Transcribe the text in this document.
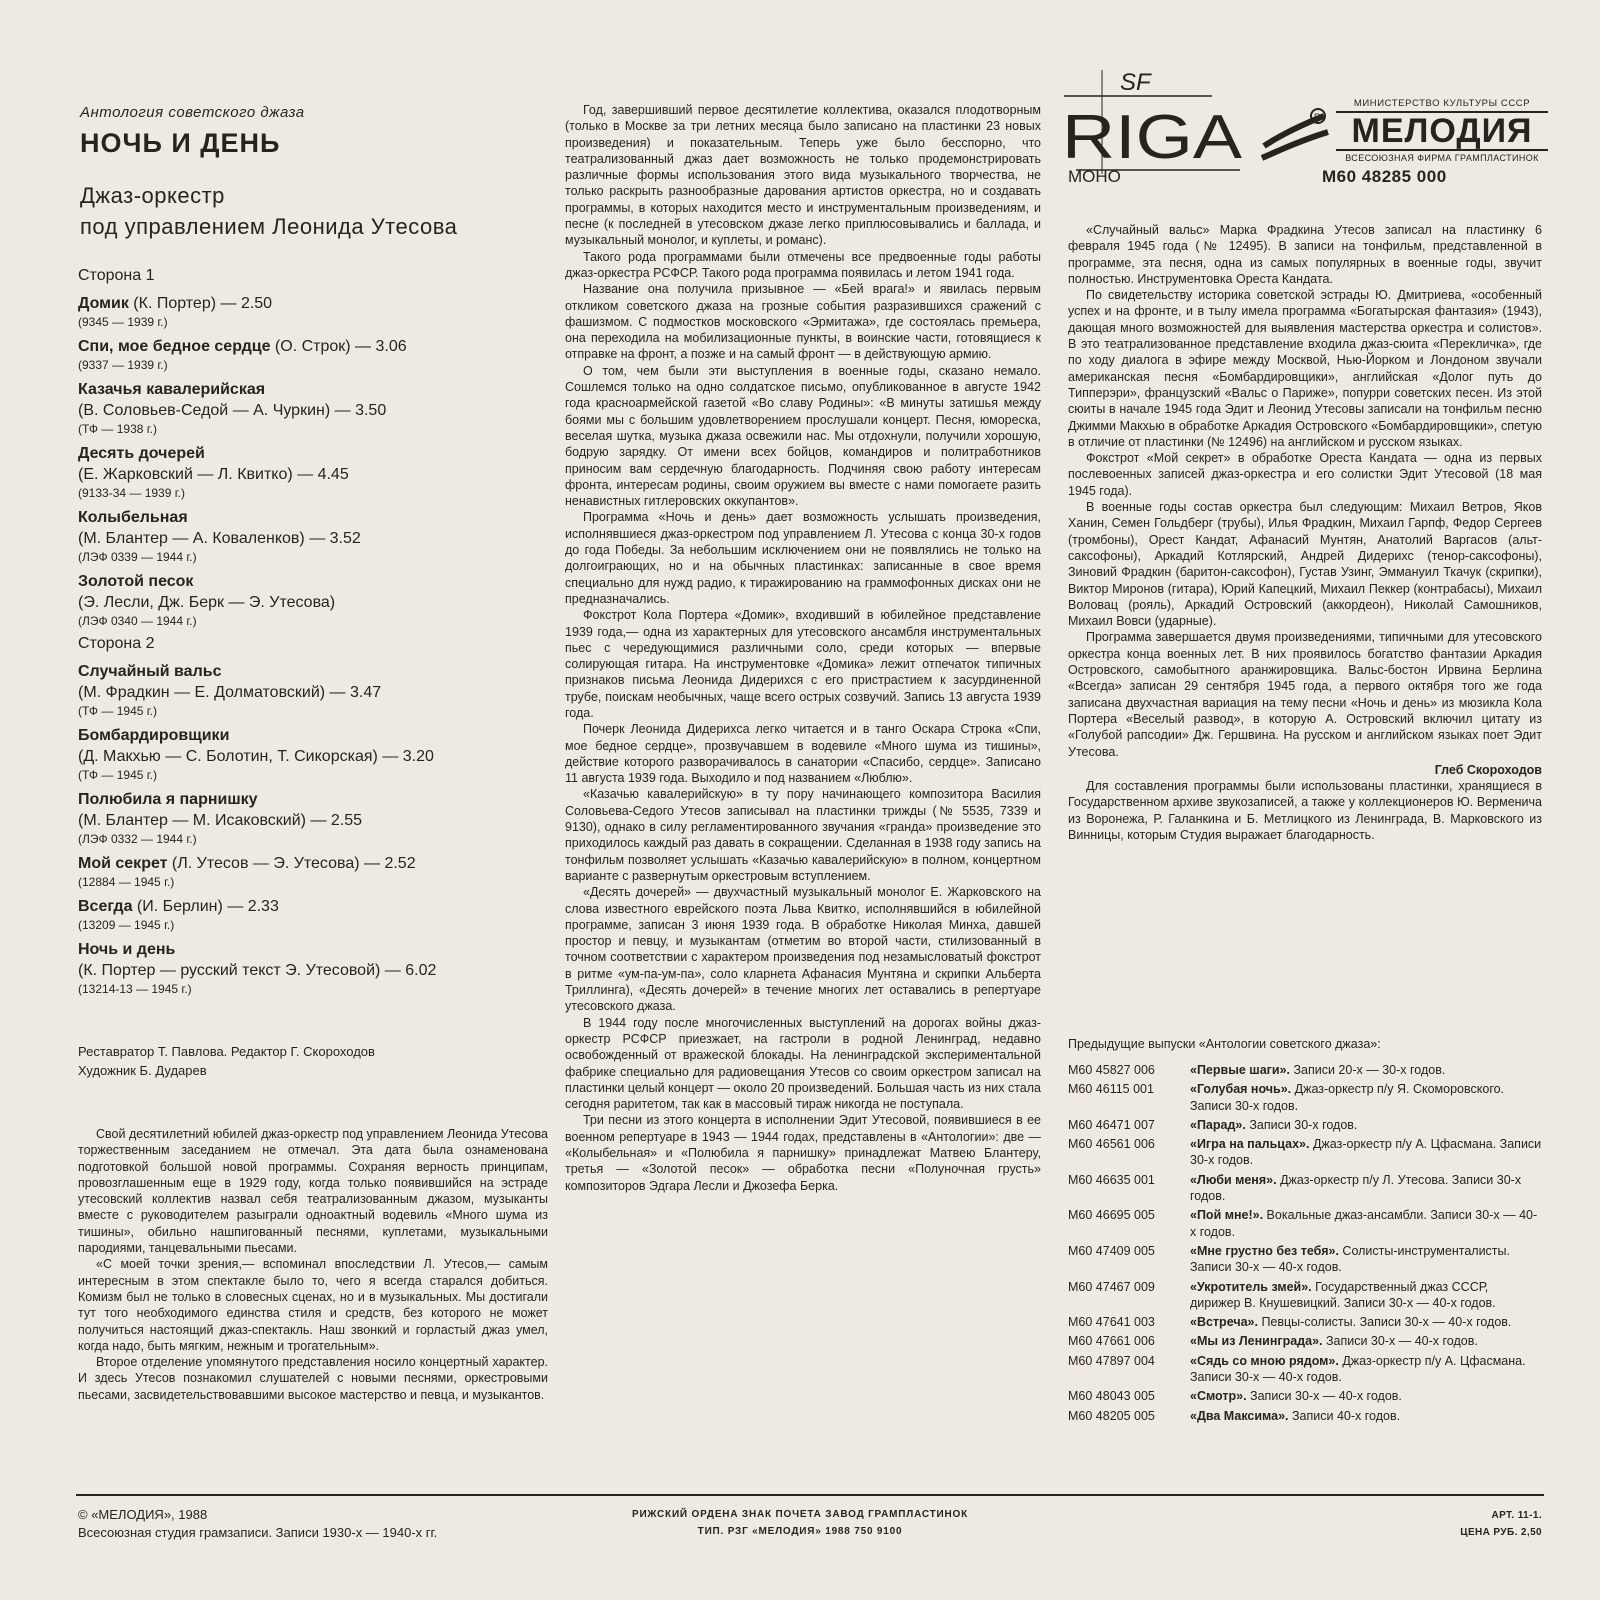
Антология советского джаза
НОЧЬ И ДЕНЬ
Джаз-оркестр
под управлением Леонида Утесова
Сторона 1
Домик (К. Портер) — 2.50
(9345 — 1939 г.)
Спи, мое бедное сердце (О. Строк) — 3.06
(9337 — 1939 г.)
Казачья кавалерийская
(В. Соловьев-Седой — А. Чуркин) — 3.50
(ТФ — 1938 г.)
Десять дочерей
(Е. Жарковский — Л. Квитко) — 4.45
(9133-34 — 1939 г.)
Колыбельная
(М. Блантер — А. Коваленков) — 3.52
(ЛЭФ 0339 — 1944 г.)
Золотой песок
(Э. Лесли, Дж. Берк — Э. Утесова)
(ЛЭФ 0340 — 1944 г.)
Сторона 2
Случайный вальс
(М. Фрадкин — Е. Долматовский) — 3.47
(ТФ — 1945 г.)
Бомбардировщики
(Д. Макхью — С. Болотин, Т. Сикорская) — 3.20
(ТФ — 1945 г.)
Полюбила я парнишку
(М. Блантер — М. Исаковский) — 2.55
(ЛЭФ 0332 — 1944 г.)
Мой секрет (Л. Утесов — Э. Утесова) — 2.52
(12884 — 1945 г.)
Всегда (И. Берлин) — 2.33
(13209 — 1945 г.)
Ночь и день
(К. Портер — русский текст Э. Утесовой) — 6.02
(13214-13 — 1945 г.)
Реставратор Т. Павлова. Редактор Г. Скороходов
Художник Б. Дударев

Свой десятилетний юбилей джаз-оркестр под управлением Леонида Утесова торжественным заседанием не отмечал. Эта дата была ознаменована подготовкой большой новой программы. Сохраняя верность принципам, провозглашенным еще в 1929 году, когда только появившийся на эстраде утесовский коллектив назвал себя театрализованным джазом, музыканты вместе с руководителем разыграли одноактный водевиль «Много шума из тишины», обильно нашпигованный песнями, куплетами, музыкальными пародиями, танцевальными пьесами.

«С моей точки зрения,— вспоминал впоследствии Л. Утесов,— самым интересным в этом спектакле было то, чего я всегда старался добиться. Комизм был не только в словесных сценах, но и в музыкальных. Мы достигали тут того необходимого единства стиля и средств, без которого не может получиться настоящий джаз-спектакль. Наш звонкий и горластый джаз умел, когда надо, быть мягким, нежным и трогательным».

Второе отделение упомянутого представления носило концертный характер. И здесь Утесов познакомил слушателей с новыми песнями, оркестровыми пьесами, засвидетельствовавшими высокое мастерство и певца, и музыкантов.

Год, завершивший первое десятилетие коллектива, оказался плодотворным (только в Москве за три летних месяца было записано на пластинки 23 новых произведения) и показательным. Теперь уже было бесспорно, что театрализованный джаз дает возможность не только продемонстрировать различные формы использования этого вида музыкального творчества, не только раскрыть разнообразные дарования артистов оркестра, но и создавать программы, в которых находится место и инструментальным произведениям, и песне (к последней в утесовском джазе легко приплюсовывались и баллада, и музыкальный монолог, и куплеты, и романс).

Такого рода программами были отмечены все предвоенные годы работы джаз-оркестра РСФСР. Такого рода программа появилась и летом 1941 года.

Название она получила призывное — «Бей врага!» и явилась первым откликом советского джаза на грозные события разразившихся сражений с фашизмом. С подмостков московского «Эрмитажа», где состоялась премьера, она переходила на мобилизационные пункты, в воинские части, готовящиеся к отправке на фронт, а позже и на самый фронт — в действующую армию.

О том, чем были эти выступления в военные годы, сказано немало. Сошлемся только на одно солдатское письмо, опубликованное в августе 1942 года красноармейской газетой «Во славу Родины»: «В минуты затишья между боями мы с большим удовлетворением прослушали концерт. Песня, юмореска, веселая шутка, музыка джаза освежили нас. Мы отдохнули, получили хорошую, бодрую зарядку. От имени всех бойцов, командиров и политработников приносим вам сердечную благодарность. Подчиняя свою работу интересам фронта, интересам родины, своим оружием вы вместе с нами помогаете разить ненавистных гитлеровских оккупантов».

Программа «Ночь и день» дает возможность услышать произведения, исполнявшиеся джаз-оркестром под управлением Л. Утесова с конца 30-х годов до года Победы. За небольшим исключением они не появлялись не только на долгоиграющих, но и на обычных пластинках: записанные в свое время специально для нужд радио, к тиражированию на граммофонных дисках они не предназначались.

Фокстрот Кола Портера «Домик», входивший в юбилейное представление 1939 года,— одна из характерных для утесовского ансамбля инструментальных пьес с чередующимися различными соло, среди которых — впервые солирующая гитара. На инструментовке «Домика» лежит отпечаток типичных признаков письма Леонида Дидерихся с его пристрастием к засурдиненной трубе, поискам необычных, чаще всего острых созвучий. Запись 13 августа 1939 года.

Почерк Леонида Дидерихса легко читается и в танго Оскара Строка «Спи, мое бедное сердце», прозвучавшем в водевиле «Много шума из тишины», действие которого разворачивалось в санатории «Спасибо, сердце». Записано 11 августа 1939 года. Выходило и под названием «Люблю».

«Казачью кавалерийскую» в ту пору начинающего композитора Василия Соловьева-Седого Утесов записывал на пластинки трижды (№ 5535, 7339 и 9130), однако в силу регламентированного звучания «гранда» произведение это приходилось каждый раз давать в сокращении. Сделанная в 1938 году запись на тонфильм позволяет услышать «Казачью кавалерийскую» в полном, концертном варианте с развернутым оркестровым вступлением.

«Десять дочерей» — двухчастный музыкальный монолог Е. Жарковского на слова известного еврейского поэта Льва Квитко, исполнявшийся в юбилейной программе, записан 3 июня 1939 года. В обработке Николая Минха, давшей простор и певцу, и музыкантам (отметим во второй части, стилизованный в точном соответствии с характером произведения под незамысловатый фокстрот в ритме «ум-па-ум-па», соло кларнета Афанасия Мунтяна и скрипки Альберта Триллинга), «Десять дочерей» в течение многих лет оставались в репертуаре утесовского джаза.

В 1944 году после многочисленных выступлений на дорогах войны джаз-оркестр РСФСР приезжает, на гастроли в родной Ленинград, недавно освобожденный от вражеской блокады. На ленинградской экспериментальной фабрике специально для радиовещания Утесов со своим оркестром записал на пластинки целый концерт — около 20 произведений. Большая часть из них стала сегодня раритетом, так как в массовый тираж никогда не поступала.

Три песни из этого концерта в исполнении Эдит Утесовой, появившиеся в ее военном репертуаре в 1943 — 1944 годах, представлены в «Антологии»: две — «Колыбельная» и «Полюбила я парнишку» принадлежат Матвею Блантеру, третья — «Золотой песок» — обработка песни «Полуночная грусть» композиторов Эдгара Лесли и Джозефа Берка.

«Случайный вальс» Марка Фрадкина Утесов записал на пластинку 6 февраля 1945 года (№ 12495). В записи на тонфильм, представленной в программе, эта песня, одна из самых популярных в военные годы, звучит полностью. Инструментовка Ореста Кандата.

По свидетельству историка советской эстрады Ю. Дмитриева, «особенный успех и на фронте, и в тылу имела программа «Богатырская фантазия» (1943), дающая много возможностей для выявления мастерства оркестра и солистов». В это театрализованное представление входила джаз-сюита «Перекличка», где по ходу диалога в эфире между Москвой, Нью-Йорком и Лондоном звучали американская песня «Бомбардировщики», английская «Долог путь до Типперэри», французский «Вальс о Париже», попурри советских песен. Из этой сюиты в начале 1945 года Эдит и Леонид Утесовы записали на тонфильм песню Джимми Макхью в обработке Аркадия Островского «Бомбардировщики», спетую в отличие от пластинки (№ 12496) на английском и русском языках.

Фокстрот «Мой секрет» в обработке Ореста Кандата — одна из первых послевоенных записей джаз-оркестра и его солистки Эдит Утесовой (18 мая 1945 года).

В военные годы состав оркестра был следующим: Михаил Ветров, Яков Ханин, Семен Гольдберг (трубы), Илья Фрадкин, Михаил Гарпф, Федор Сергеев (тромбоны), Орест Кандат, Афанасий Мунтян, Анатолий Варгасов (альт-саксофоны), Аркадий Котлярский, Андрей Дидерихс (тенор-саксофоны), Зиновий Фрадкин (баритон-саксофон), Густав Узинг, Эммануил Ткачук (скрипки), Виктор Миронов (гитара), Юрий Капецкий, Михаил Пеккер (контрабасы), Михаил Воловац (рояль), Аркадий Островский (аккордеон), Николай Самошников, Михаил Вовси (ударные).

Программа завершается двумя произведениями, типичными для утесовского оркестра конца военных лет. В них проявилось богатство фантазии Аркадия Островского, самобытного аранжировщика. Вальс-бостон Ирвина Берлина «Всегда» записан 29 сентября 1945 года, а первого октября того же года записана двухчастная вариация на тему песни «Ночь и день» из мюзикла Кола Портера «Веселый развод», в которую А. Островский включил цитату из «Голубой рапсодии» Дж. Гершвина. На русском и английском языках поет Эдит Утесова.

Глеб Скороходов

Для составления программы были использованы пластинки, хранящиеся в Государственном архиве звукозаписей, а также у коллекционеров Ю. Верменича из Воронежа, Р. Галанкина и Б. Метлицкого из Ленинграда, В. Марковского из Винницы, которым Студия выражает благодарность.

SF
RIGA	R
МИНИСТЕРСТВО КУЛЬТУРЫ СССР
МЕЛОДИЯ
ВСЕСОЮЗНАЯ ФИРМА ГРАМПЛАСТИНОК
МОНО	М60 48285 000
Предыдущие выпуски «Антологии советского джаза»:
М60 45827 006	«Первые шаги». Записи 20-х — 30-х годов.
М60 46115 001	«Голубая ночь». Джаз-оркестр п/у Я. Скоморовского. Записи 30-х годов.
М60 46471 007	«Парад». Записи 30-х годов.
М60 46561 006	«Игра на пальцах». Джаз-оркестр п/у А. Цфасмана. Записи 30-х годов.
М60 46635 001	«Люби меня». Джаз-оркестр п/у Л. Утесова. Записи 30-х годов.
М60 46695 005	«Пой мне!». Вокальные джаз-ансамбли. Записи 30-х — 40-х годов.
М60 47409 005	«Мне грустно без тебя». Солисты-инструменталисты. Записи 30-х — 40-х годов.
М60 47467 009	«Укротитель змей». Государственный джаз СССР, дирижер В. Кнушевицкий. Записи 30-х — 40-х годов.
М60 47641 003	«Встреча». Певцы-солисты. Записи 30-х — 40-х годов.
М60 47661 006	«Мы из Ленинграда». Записи 30-х — 40-х годов.
М60 47897 004	«Сядь со мною рядом». Джаз-оркестр п/у А. Цфасмана. Записи 30-х — 40-х годов.
М60 48043 005	«Смотр». Записи 30-х — 40-х годов.
М60 48205 005	«Два Максима». Записи 40-х годов.
© «МЕЛОДИЯ», 1988
Всесоюзная студия грамзаписи. Записи 1930-х — 1940-х гг.
РИЖСКИЙ ОРДЕНА ЗНАК ПОЧЕТА ЗАВОД ГРАМПЛАСТИНОК
ТИП. РЗГ «МЕЛОДИЯ» 1988 750 9100
АРТ. 11-1.
ЦЕНА РУБ. 2,50
